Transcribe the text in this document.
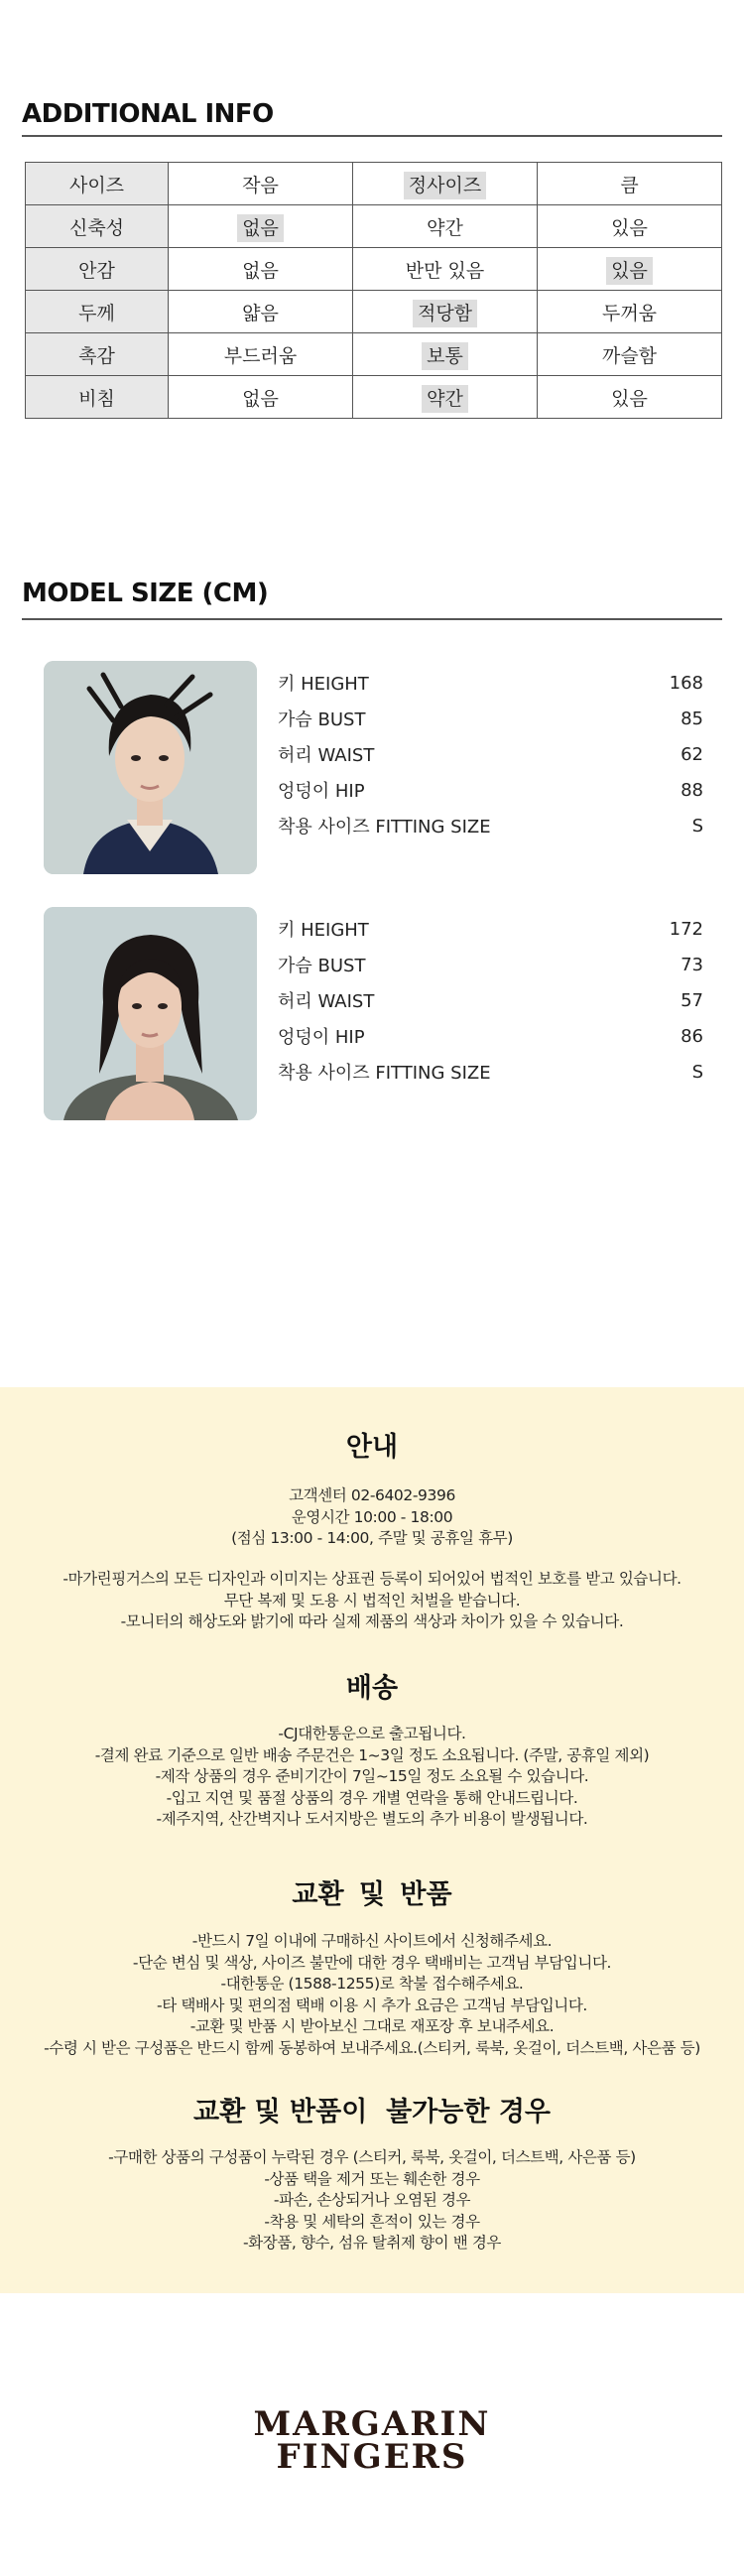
ADDITIONAL INFO
사이즈	작음	정사이즈	큼
신축성	없음	약간	있음
안감	없음	반만 있음	있음
두께	얇음	적당함	두꺼움
촉감	부드러움	보통	까슬함
비침	없음	약간	있음
MODEL SIZE (CM)
키 HEIGHT	168
가슴 BUST	85
허리 WAIST	62
엉덩이 HIP	88
착용 사이즈 FITTING SIZE	S
키 HEIGHT	172
가슴 BUST	73
허리 WAIST	57
엉덩이 HIP	86
착용 사이즈 FITTING SIZE	S
안내
고객센터 02-6402-9396
운영시간 10:00 - 18:00
(점심 13:00 - 14:00, 주말 및 공휴일 휴무)
-마가린핑거스의 모든 디자인과 이미지는 상표권 등록이 되어있어 법적인 보호를 받고 있습니다.
무단 복제 및 도용 시 법적인 처벌을 받습니다.
-모니터의 해상도와 밝기에 따라 실제 제품의 색상과 차이가 있을 수 있습니다.
배송
-CJ대한통운으로 출고됩니다.
-결제 완료 기준으로 일반 배송 주문건은 1~3일 정도 소요됩니다. (주말, 공휴일 제외)
-제작 상품의 경우 준비기간이 7일~15일 정도 소요될 수 있습니다.
-입고 지연 및 품절 상품의 경우 개별 연락을 통해 안내드립니다.
-제주지역, 산간벽지나 도서지방은 별도의 추가 비용이 발생됩니다.
교환 및 반품
-반드시 7일 이내에 구매하신 사이트에서 신청해주세요.
-단순 변심 및 색상, 사이즈 불만에 대한 경우 택배비는 고객님 부담입니다.
-대한통운 (1588-1255)로 착불 접수해주세요.
-타 택배사 및 편의점 택배 이용 시 추가 요금은 고객님 부담입니다.
-교환 및 반품 시 받아보신 그대로 재포장 후 보내주세요.
-수령 시 받은 구성품은 반드시 함께 동봉하여 보내주세요.(스티커, 룩북, 옷걸이, 더스트백, 사은품 등)
교환 및 반품이  불가능한 경우
-구매한 상품의 구성품이 누락된 경우 (스티커, 룩북, 옷걸이, 더스트백, 사은품 등)
-상품 택을 제거 또는 훼손한 경우
-파손, 손상되거나 오염된 경우
-착용 및 세탁의 흔적이 있는 경우
-화장품, 향수, 섬유 탈취제 향이 밴 경우
MARGARIN
FINGERS
